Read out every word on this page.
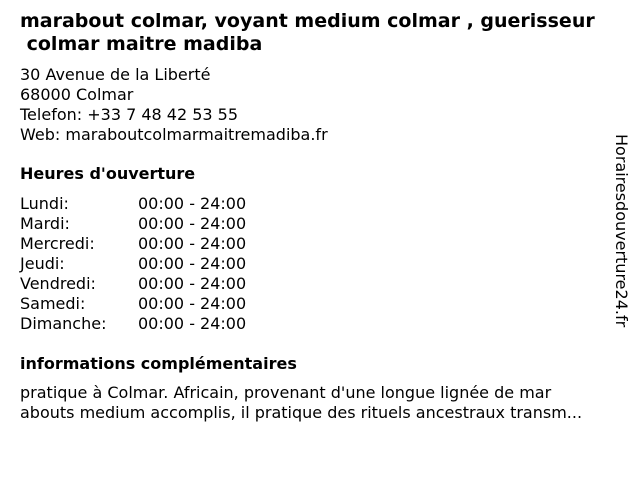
marabout colmar, voyant medium colmar , guerisseur
colmar maitre madiba
30 Avenue de la Liberté
68000 Colmar
Telefon: +33 7 48 42 53 55
Web: maraboutcolmarmaitremadiba.fr
Heures d'ouverture
Lundi:	00:00 - 24:00
Mardi:	00:00 - 24:00
Mercredi:	00:00 - 24:00
Jeudi:	00:00 - 24:00
Vendredi:	00:00 - 24:00
Samedi:	00:00 - 24:00
Dimanche:	00:00 - 24:00
informations complémentaires
pratique à Colmar. Africain, provenant d'une longue lignée de mar
abouts medium accomplis, il pratique des rituels ancestraux transm...
Horairesdouverture24.fr
